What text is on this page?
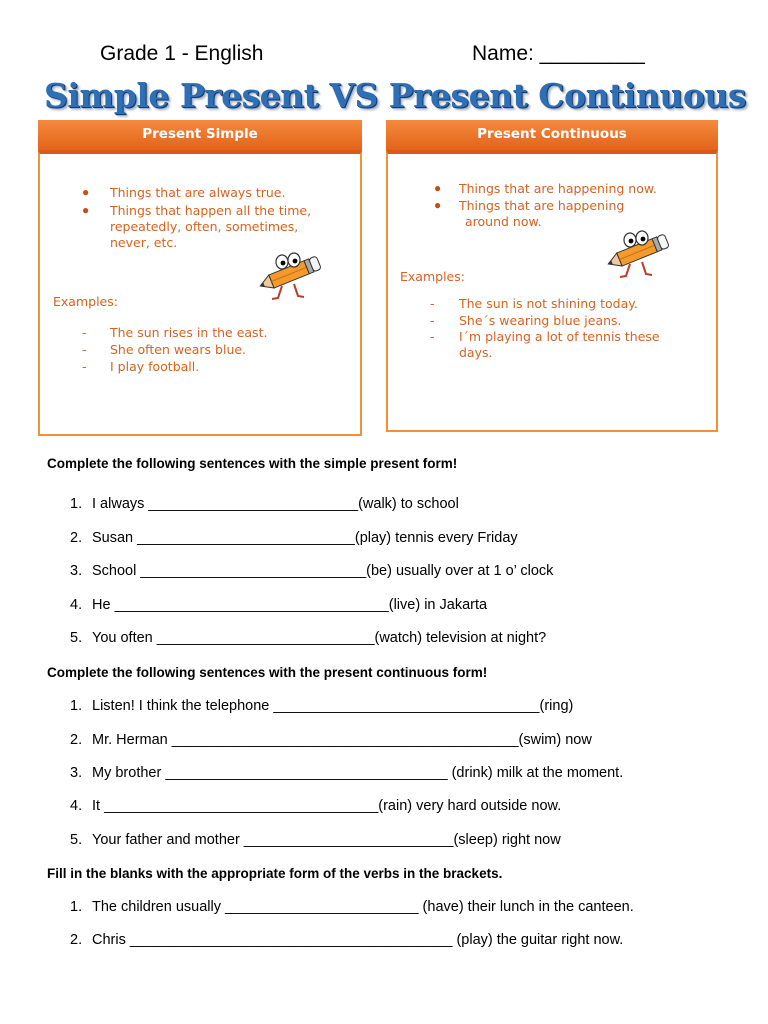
Grade 1 - English	Name: _________
Simple Present VS Present Continuous
Present Simple
● Things that are always true.
● Things that happen all the time,
repeatedly, often, sometimes,
never, etc.
Examples:
- The sun rises in the east.
- She often wears blue.
- I play football.
Present Continuous
● Things that are happening now.
● Things that are happening
around now.
Examples:
- The sun is not shining today.
- She´s wearing blue jeans.
- I´m playing a lot of tennis these
days.
Complete the following sentences with the simple present form!
1. I always __________________________(walk) to school
2. Susan ___________________________(play) tennis every Friday
3. School ____________________________(be) usually over at 1 o’ clock
4. He __________________________________(live) in Jakarta
5. You often ___________________________(watch) television at night?
Complete the following sentences with the present continuous form!
1. Listen! I think the telephone _________________________________(ring)
2. Mr. Herman ___________________________________________(swim) now
3. My brother ___________________________________ (drink) milk at the moment.
4. It __________________________________(rain) very hard outside now.
5. Your father and mother __________________________(sleep) right now
Fill in the blanks with the appropriate form of the verbs in the brackets.
1. The children usually ________________________ (have) their lunch in the canteen.
2. Chris ________________________________________ (play) the guitar right now.
